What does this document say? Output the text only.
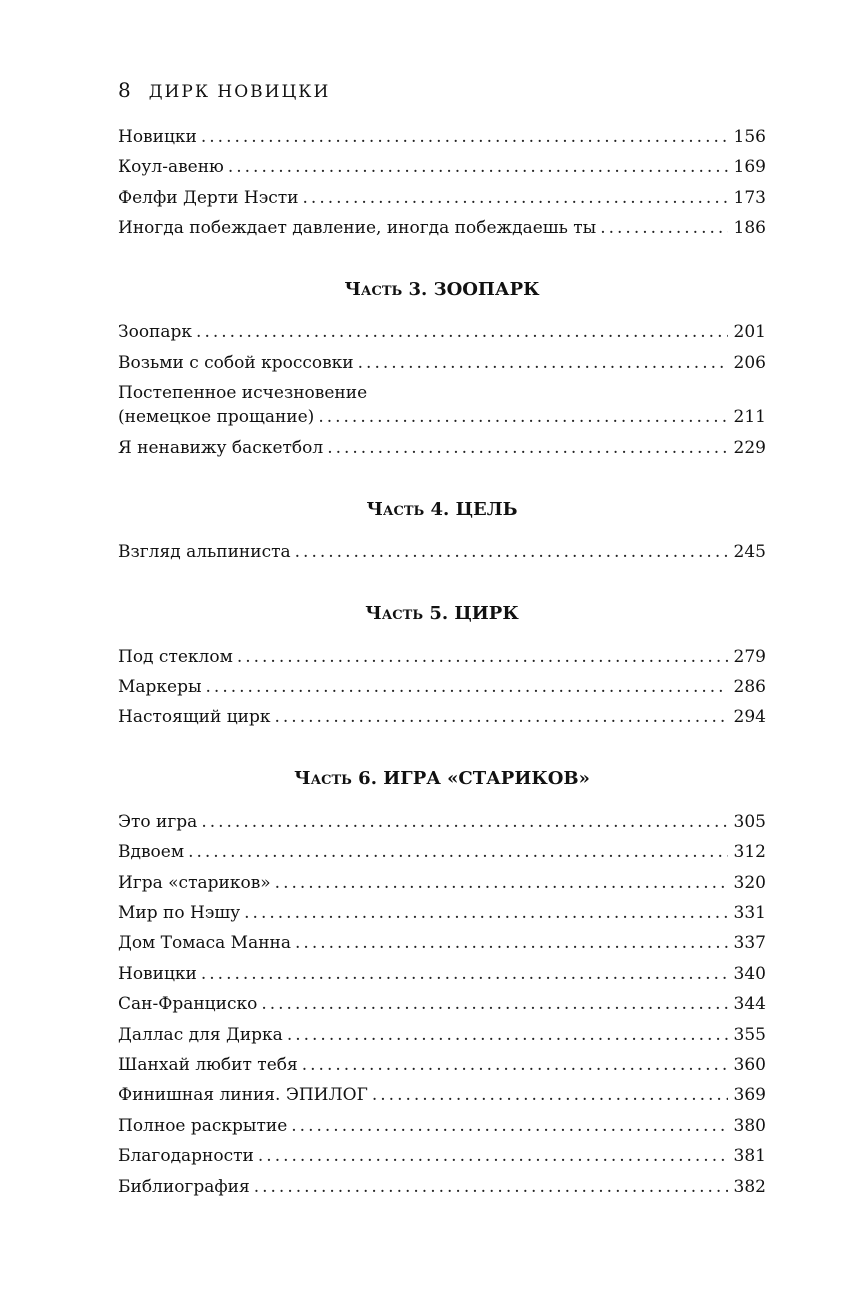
8 ДИРК НОВИЦКИ
Новицки .....	156
Коул-авеню .....	169
Фелфи Дерти Нэсти .....	173
Иногда побеждает давление, иногда побеждаешь ты .....	186
Часть 3. ЗООПАРК
Зоопарк .....	201
Возьми с собой кроссовки .....	206
Постепенное исчезновение
(немецкое прощание) .....	211
Я ненавижу баскетбол .....	229
Часть 4. ЦЕЛЬ
Взгляд альпиниста .....	245
Часть 5. ЦИРК
Под стеклом .....	279
Маркеры .....	286
Настоящий цирк .....	294
Часть 6. ИГРА «СТАРИКОВ»
Это игра .....	305
Вдвоем .....	312
Игра «стариков» .....	320
Мир по Нэшу .....	331
Дом Томаса Манна .....	337
Новицки .....	340
Сан-Франциско .....	344
Даллас для Дирка .....	355
Шанхай любит тебя .....	360
Финишная линия. ЭПИЛОГ .....	369
Полное раскрытие .....	380
Благодарности .....	381
Библиография .....	382
